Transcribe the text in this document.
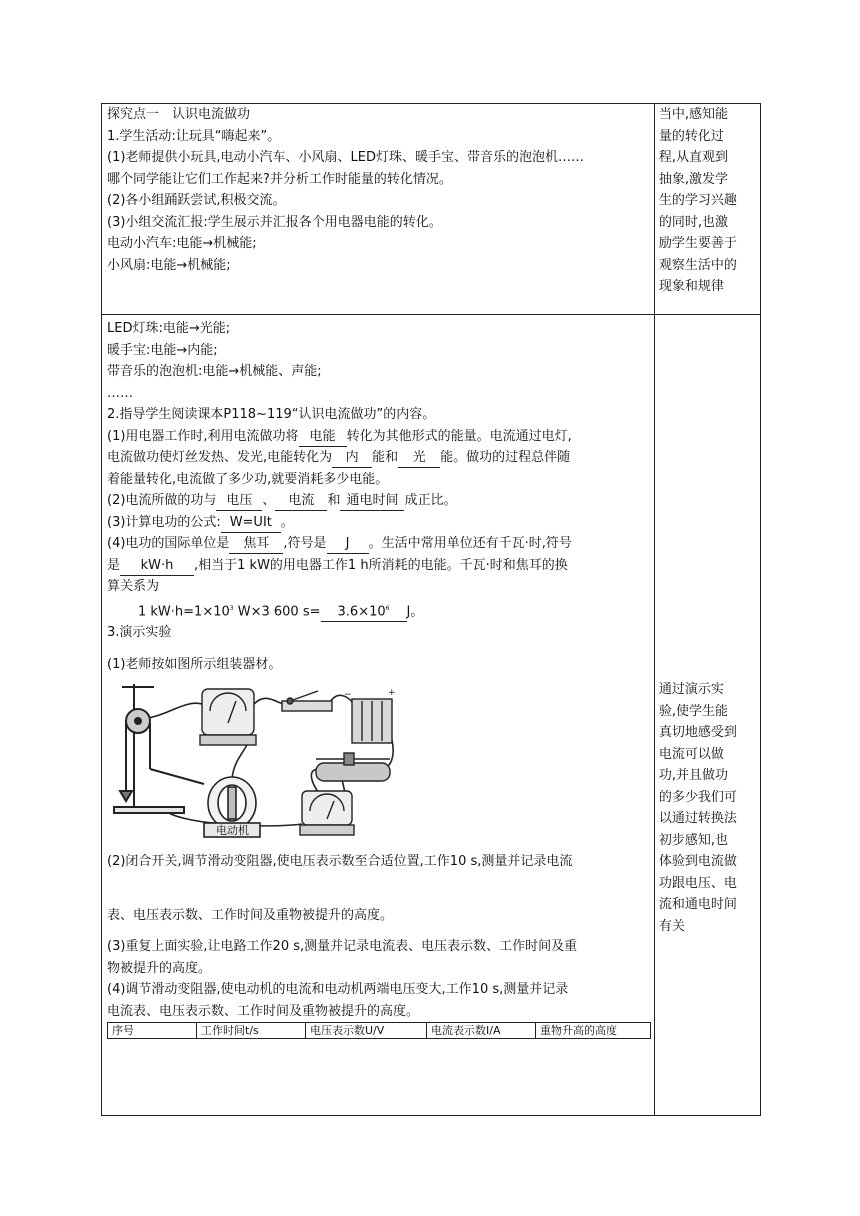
探究点一　认识电流做功
1.学生活动:让玩具“嗨起来”。
(1)老师提供小玩具,电动小汽车、小风扇、LED灯珠、暖手宝、带音乐的泡泡机……
哪个同学能让它们工作起来?并分析工作时能量的转化情况。
(2)各小组踊跃尝试,积极交流。
(3)小组交流汇报:学生展示并汇报各个用电器电能的转化。
电动小汽车:电能→机械能;
小风扇:电能→机械能;

当中,感知能
量的转化过
程,从直观到
抽象,激发学
生的学习兴趣
的同时,也激
励学生要善于
观察生活中的
现象和规律

LED灯珠:电能→光能;
暖手宝:电能→内能;
带音乐的泡泡机:电能→机械能、声能;
……
2.指导学生阅读课本P118~119“认识电流做功”的内容。
(1)用电器工作时,利用电流做功将 电能 转化为其他形式的能量。电流通过电灯,
电流做功使灯丝发热、发光,电能转化为 内 能和 光 能。做功的过程总伴随
着能量转化,电流做了多少功,就要消耗多少电能。
(2)电流所做的功与 电压 、 电流 和 通电时间 成正比。
(3)计算电功的公式: W=UIt 。
(4)电功的国际单位是 焦耳 ,符号是 J 。生活中常用单位还有千瓦·时,符号
是 kW·h ,相当于1 kW的用电器工作1 h所消耗的电能。千瓦·时和焦耳的换
算关系为
1 $kW\cdot h=1\times 10^3$ W×3 600 $s= 3.6\times 10^6$ J。
3.演示实验
(1)老师按如图所示组装器材。
+
−
电动机
(2)闭合开关,调节滑动变阻器,使电压表示数至合适位置,工作10 s,测量并记录电流
表、电压表示数、工作时间及重物被提升的高度。
(3)重复上面实验,让电路工作20 s,测量并记录电流表、电压表示数、工作时间及重
物被提升的高度。
(4)调节滑动变阻器,使电动机的电流和电动机两端电压变大,工作10 s,测量并记录
电流表、电压表示数、工作时间及重物被提升的高度。
序号	工作时间t/s	电压表示数U/V	电流表示数I/A	重物升高的高度

通过演示实
验,使学生能
真切地感受到
电流可以做
功,并且做功
的多少我们可
以通过转换法
初步感知,也
体验到电流做
功跟电压、电
流和通电时间
有关
